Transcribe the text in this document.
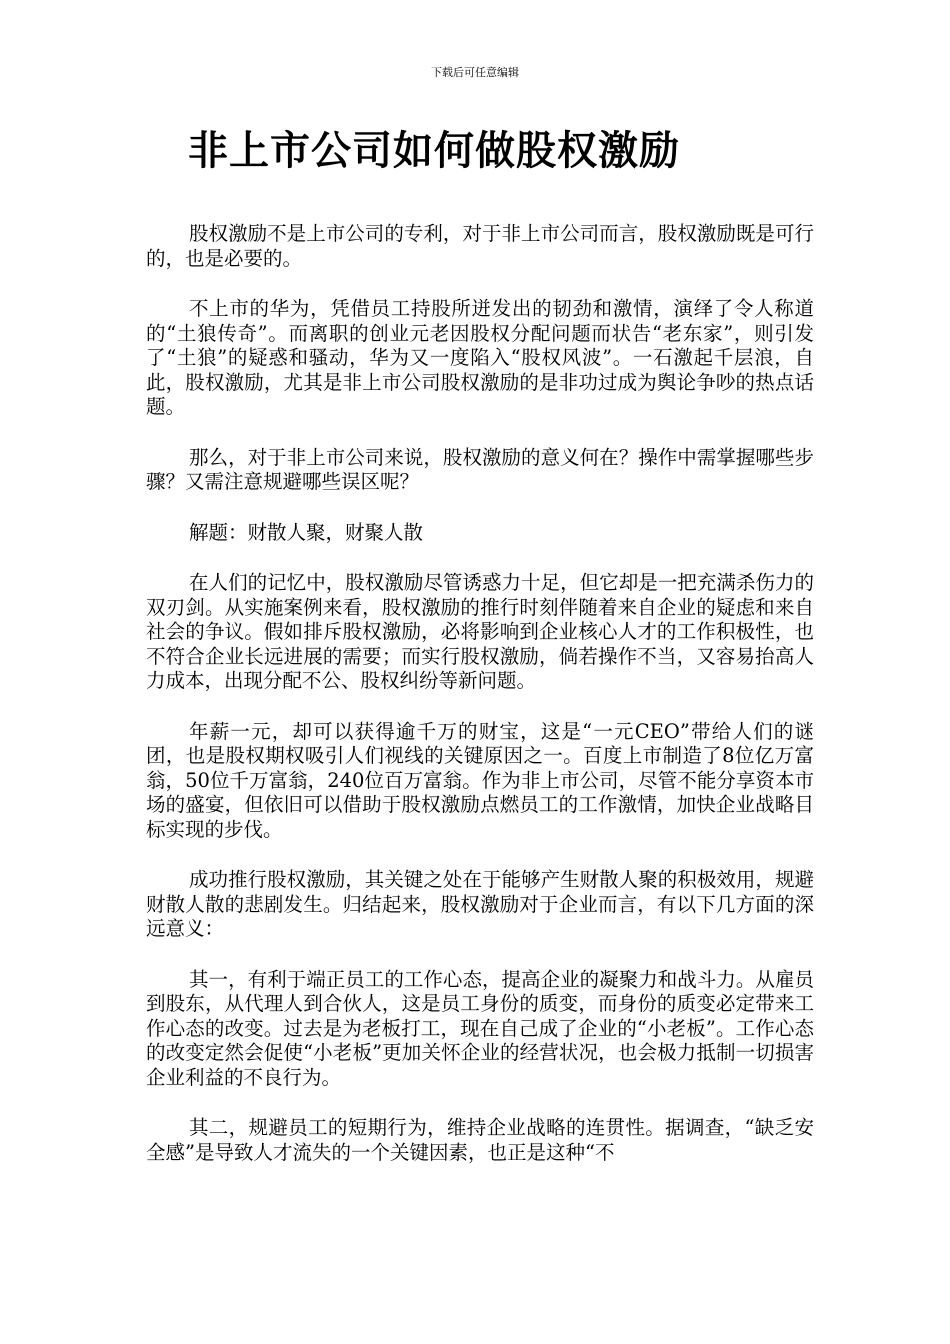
下载后可任意编辑
非上市公司如何做股权激励

股权激励不是上市公司的专利，对于非上市公司而言，股权激励既是可行的，也是必要的。

不上市的华为，凭借员工持股所迸发出的韧劲和激情，演绎了令人称道的“土狼传奇”。而离职的创业元老因股权分配问题而状告“老东家”，则引发了“土狼”的疑惑和骚动，华为又一度陷入“股权风波”。一石激起千层浪，自此，股权激励，尤其是非上市公司股权激励的是非功过成为舆论争吵的热点话题。

那么，对于非上市公司来说，股权激励的意义何在？操作中需掌握哪些步骤？又需注意规避哪些误区呢？

解题：财散人聚，财聚人散

在人们的记忆中，股权激励尽管诱惑力十足，但它却是一把充满杀伤力的双刃剑。从实施案例来看，股权激励的推行时刻伴随着来自企业的疑虑和来自社会的争议。假如排斥股权激励，必将影响到企业核心人才的工作积极性，也不符合企业长远进展的需要；而实行股权激励，倘若操作不当，又容易抬高人力成本，出现分配不公、股权纠纷等新问题。

年薪一元，却可以获得逾千万的财宝，这是“一元CEO”带给人们的谜团，也是股权期权吸引人们视线的关键原因之一。百度上市制造了8位亿万富翁，50位千万富翁，240位百万富翁。作为非上市公司，尽管不能分享资本市场的盛宴，但依旧可以借助于股权激励点燃员工的工作激情，加快企业战略目标实现的步伐。

成功推行股权激励，其关键之处在于能够产生财散人聚的积极效用，规避财散人散的悲剧发生。归结起来，股权激励对于企业而言，有以下几方面的深远意义：

其一，有利于端正员工的工作心态，提高企业的凝聚力和战斗力。从雇员到股东，从代理人到合伙人，这是员工身份的质变，而身份的质变必定带来工作心态的改变。过去是为老板打工，现在自己成了企业的“小老板”。工作心态的改变定然会促使“小老板”更加关怀企业的经营状况，也会极力抵制一切损害企业利益的不良行为。

其二，规避员工的短期行为，维持企业战略的连贯性。据调查，“缺乏安全感”是导致人才流失的一个关键因素，也正是这种“不
